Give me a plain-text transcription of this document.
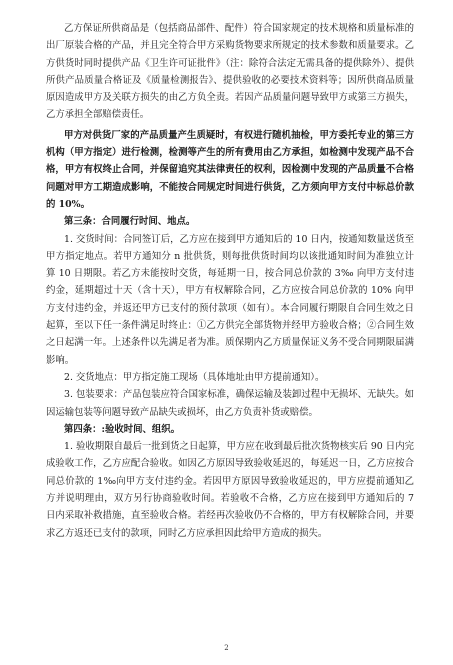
乙方保证所供商品是（包括商品部件、配件）符合国家规定的技术规格和质量标准的出厂原装合格的产品，并且完全符合甲方采购货物要求所规定的技术参数和质量要求。乙方供货时同时提供产品《卫生许可证批件》（注：除符合法定无需具备的提供除外）、提供所供产品质量合格证及《质量检测报告》、提供验收的必要技术资料等；因所供商品质量原因造成甲方及关联方损失的由乙方负全责。若因产品质量问题导致甲方或第三方损失，乙方承担全部赔偿责任。

甲方对供货厂家的产品质量产生质疑时，有权进行随机抽检，甲方委托专业的第三方机构（甲方指定）进行检测，检测等产生的所有费用由乙方承担，如检测中发现产品不合格，甲方有权终止合同，并保留追究其法律责任的权利，因检测中发现的产品质量不合格问题对甲方工期造成影响，不能按合同规定时间进行供货，乙方须向甲方支付中标总价款的 10%。

第三条：合同履行时间、地点。

1. 交货时间：合同签订后，乙方应在接到甲方通知后的 10 日内，按通知数量送货至甲方指定地点。若甲方通知分 n 批供货，则每批供货时间均以该批通知时间为准独立计算 10 日期限。若乙方未能按时交货，每延期一日，按合同总价款的 3‰ 向甲方支付违约金，延期超过十天（含十天），甲方有权解除合同，乙方应按合同总价款的 10% 向甲方支付违约金，并返还甲方已支付的预付款项（如有）。本合同履行期限自合同生效之日起算，至以下任一条件满足时终止：①乙方供完全部货物并经甲方验收合格；②合同生效之日起满一年。上述条件以先满足者为准。质保期内乙方质量保证义务不受合同期限届满影响。

2. 交货地点：甲方指定施工现场（具体地址由甲方提前通知）。

3. 包装要求：产品包装应符合国家标准，确保运输及装卸过程中无损坏、无缺失。如因运输包装等问题导致产品缺失或损坏，由乙方负责补货或赔偿。

第四条：:验收时间、组织。

1. 验收期限自最后一批到货之日起算，甲方应在收到最后批次货物核实后 90 日内完成验收工作，乙方应配合验收。如因乙方原因导致验收延迟的，每延迟一日，乙方应按合同总价款的 1‰向甲方支付违约金。若因甲方原因导致验收延迟的，甲方应提前通知乙方并说明理由，双方另行协商验收时间。若验收不合格，乙方应在接到甲方通知后的 7 日内采取补救措施，直至验收合格。若经再次验收仍不合格的，甲方有权解除合同，并要求乙方返还已支付的款项，同时乙方应承担因此给甲方造成的损失。

2
